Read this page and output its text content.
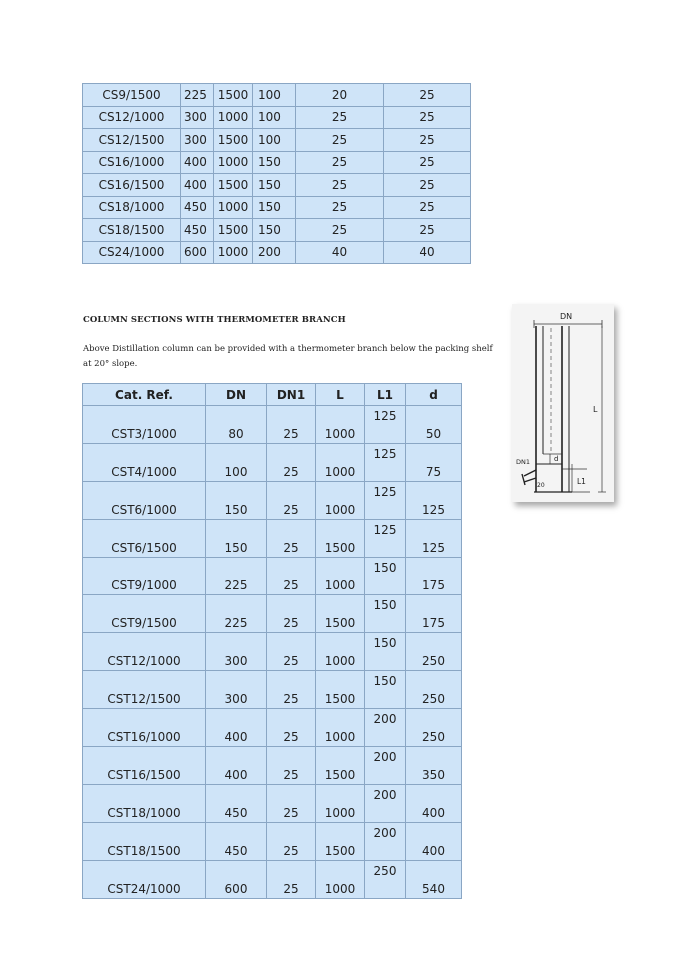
CS9/1500	225	1500	100	20	25
CS12/1000	300	1000	100	25	25
CS12/1500	300	1500	100	25	25
CS16/1000	400	1000	150	25	25
CS16/1500	400	1500	150	25	25
CS18/1000	450	1000	150	25	25
CS18/1500	450	1500	150	25	25
CS24/1000	600	1000	200	40	40

COLUMN SECTIONS WITH THERMOMETER BRANCH

Above Distillation column can be provided with a thermometer branch below the packing shelf at 20° slope.

Cat. Ref.	DN	DN1	L	L1	d
CST3/1000	80	25	1000	125	50
CST4/1000	100	25	1000	125	75
CST6/1000	150	25	1000	125	125
CST6/1500	150	25	1500	125	125
CST9/1000	225	25	1000	150	175
CST9/1500	225	25	1500	150	175
CST12/1000	300	25	1000	150	250
CST12/1500	300	25	1500	150	250
CST16/1000	400	25	1000	200	250
CST16/1500	400	25	1500	200	350
CST18/1000	450	25	1000	200	400
CST18/1500	450	25	1500	200	400
CST24/1000	600	25	1000	250	540
DN
L
DN1	d
L1
20
